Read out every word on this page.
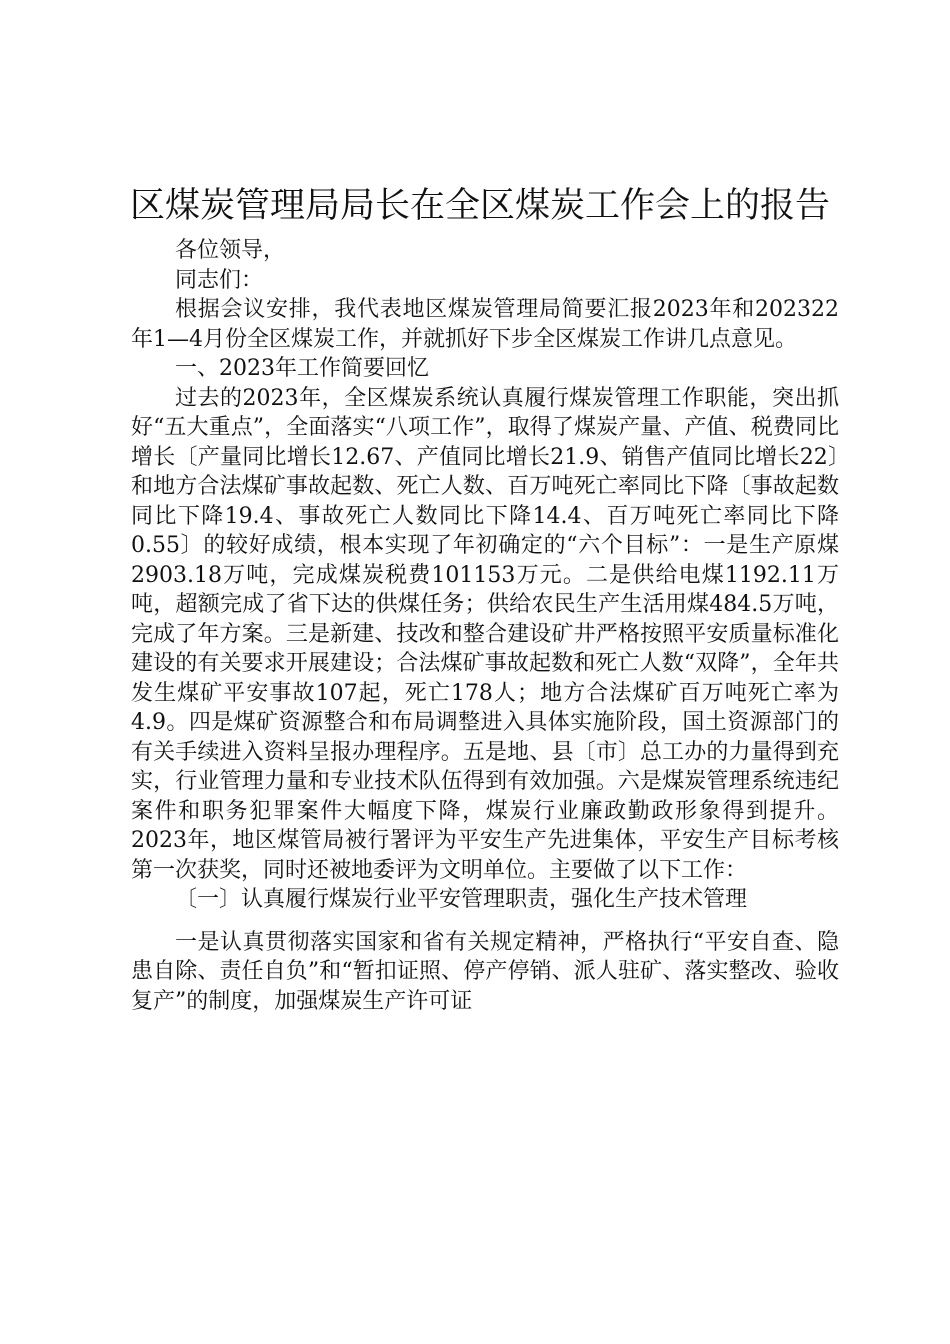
区煤炭管理局局长在全区煤炭工作会上的报告

各位领导，

同志们：

根据会议安排，我代表地区煤炭管理局简要汇报2023年和202322年1—4月份全区煤炭工作，并就抓好下步全区煤炭工作讲几点意见。

一、2023年工作简要回忆

过去的2023年，全区煤炭系统认真履行煤炭管理工作职能，突出抓好“五大重点”，全面落实“八项工作”，取得了煤炭产量、产值、税费同比增长〔产量同比增长12.67、产值同比增长21.9、销售产值同比增长22〕和地方合法煤矿事故起数、死亡人数、百万吨死亡率同比下降〔事故起数同比下降19.4、事故死亡人数同比下降14.4、百万吨死亡率同比下降0.55〕的较好成绩，根本实现了年初确定的“六个目标”：一是生产原煤2903.18万吨，完成煤炭税费101153万元。二是供给电煤1192.11万吨，超额完成了省下达的供煤任务；供给农民生产生活用煤484.5万吨，完成了年方案。三是新建、技改和整合建设矿井严格按照平安质量标准化建设的有关要求开展建设；合法煤矿事故起数和死亡人数“双降”，全年共发生煤矿平安事故107起，死亡178人；地方合法煤矿百万吨死亡率为4.9。四是煤矿资源整合和布局调整进入具体实施阶段，国土资源部门的有关手续进入资料呈报办理程序。五是地、县〔市〕总工办的力量得到充实，行业管理力量和专业技术队伍得到有效加强。六是煤炭管理系统违纪案件和职务犯罪案件大幅度下降，煤炭行业廉政勤政形象得到提升。2023年，地区煤管局被行署评为平安生产先进集体，平安生产目标考核第一次获奖，同时还被地委评为文明单位。主要做了以下工作：

〔一〕认真履行煤炭行业平安管理职责，强化生产技术管理

一是认真贯彻落实国家和省有关规定精神，严格执行“平安自查、隐患自除、责任自负”和“暂扣证照、停产停销、派人驻矿、落实整改、验收复产”的制度，加强煤炭生产许可证
